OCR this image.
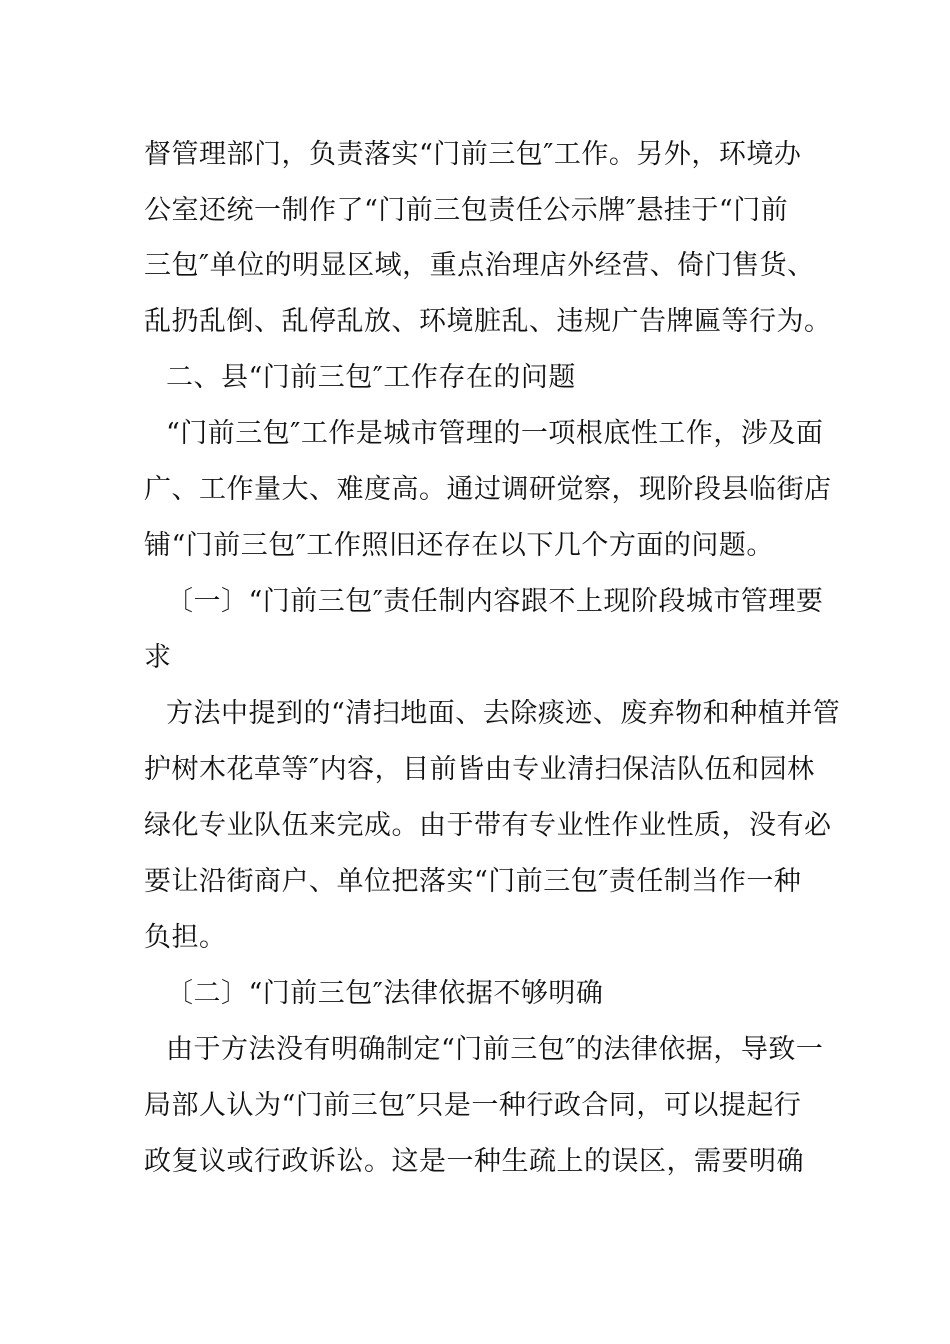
督管理部门，负责落实“门前三包″工作。另外，环境办
公室还统一制作了“门前三包责任公示牌″悬挂于“门前
三包″单位的明显区域，重点治理店外经营、倚门售货、
乱扔乱倒、乱停乱放、环境脏乱、违规广告牌匾等行为。
二、县“门前三包″工作存在的问题
“门前三包″工作是城市管理的一项根底性工作，涉及面
广、工作量大、难度高。通过调研觉察，现阶段县临街店
铺“门前三包″工作照旧还存在以下几个方面的问题。
〔一〕“门前三包″责任制内容跟不上现阶段城市管理要
求
方法中提到的“清扫地面、去除痰迹、废弃物和种植并管
护树木花草等″内容，目前皆由专业清扫保洁队伍和园林
绿化专业队伍来完成。由于带有专业性作业性质，没有必
要让沿街商户、单位把落实“门前三包″责任制当作一种
负担。
〔二〕“门前三包″法律依据不够明确
由于方法没有明确制定“门前三包″的法律依据，导致一
局部人认为“门前三包″只是一种行政合同，可以提起行
政复议或行政诉讼。这是一种生疏上的误区，需要明确
